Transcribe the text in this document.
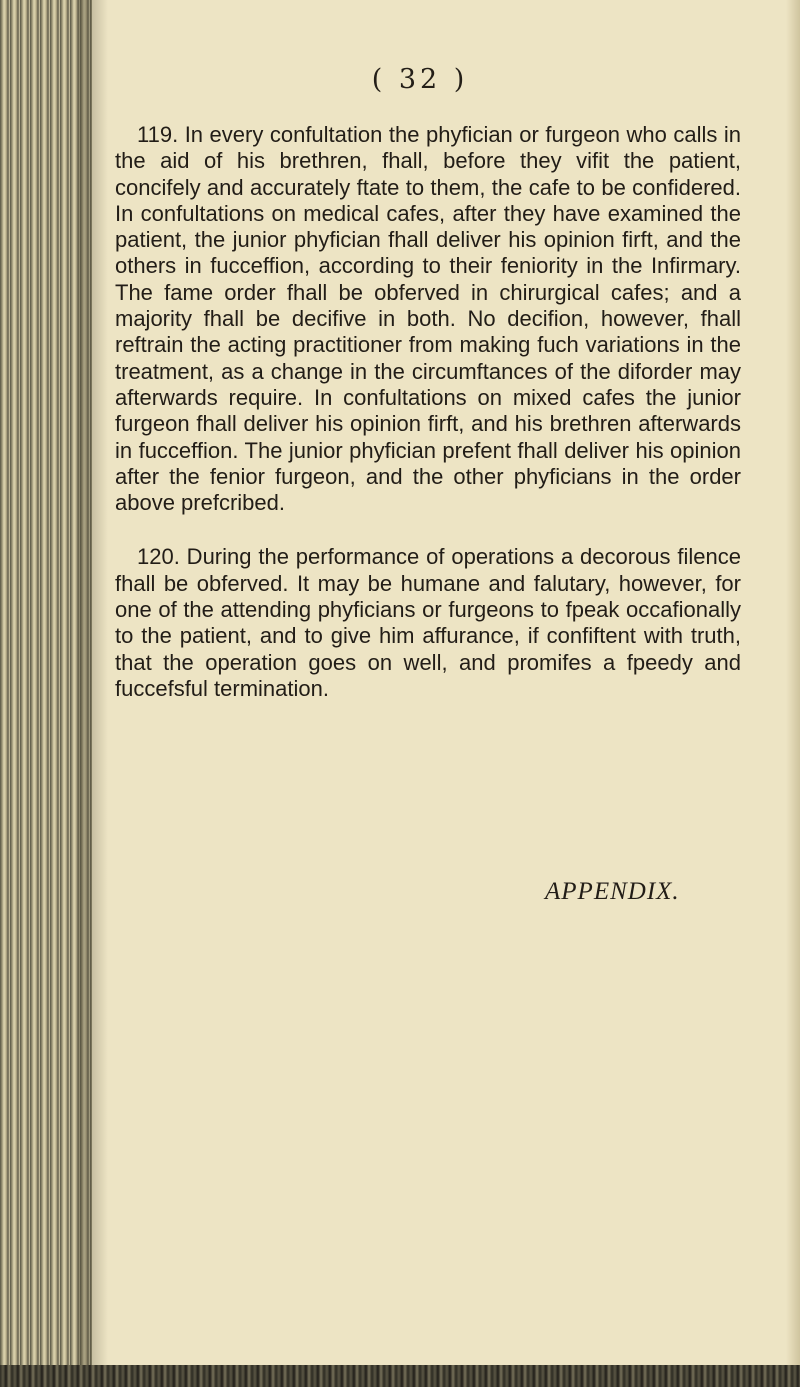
( 32 )

119. In every confultation the phyfician or furgeon who calls in the aid of his brethren, fhall, before they vifit the patient, concifely and accurately ftate to them, the cafe to be confidered. In confultations on medical cafes, after they have examined the patient, the junior phyfician fhall deliver his opinion firft, and the others in fucceffion, according to their feniority in the Infirmary. The fame order fhall be obferved in chirurgical cafes; and a majority fhall be decifive in both. No decifion, however, fhall reftrain the acting practitioner from making fuch variations in the treatment, as a change in the circumftances of the diforder may afterwards require. In confultations on mixed cafes the junior furgeon fhall deliver his opinion firft, and his brethren afterwards in fucceffion. The junior phyfician prefent fhall deliver his opinion after the fenior furgeon, and the other phyficians in the order above prefcribed.

120. During the performance of operations a decorous filence fhall be obferved. It may be humane and falutary, however, for one of the attending phyficians or furgeons to fpeak occafionally to the patient, and to give him affurance, if confiftent with truth, that the operation goes on well, and promifes a fpeedy and fuccefsful termination.

APPENDIX.
